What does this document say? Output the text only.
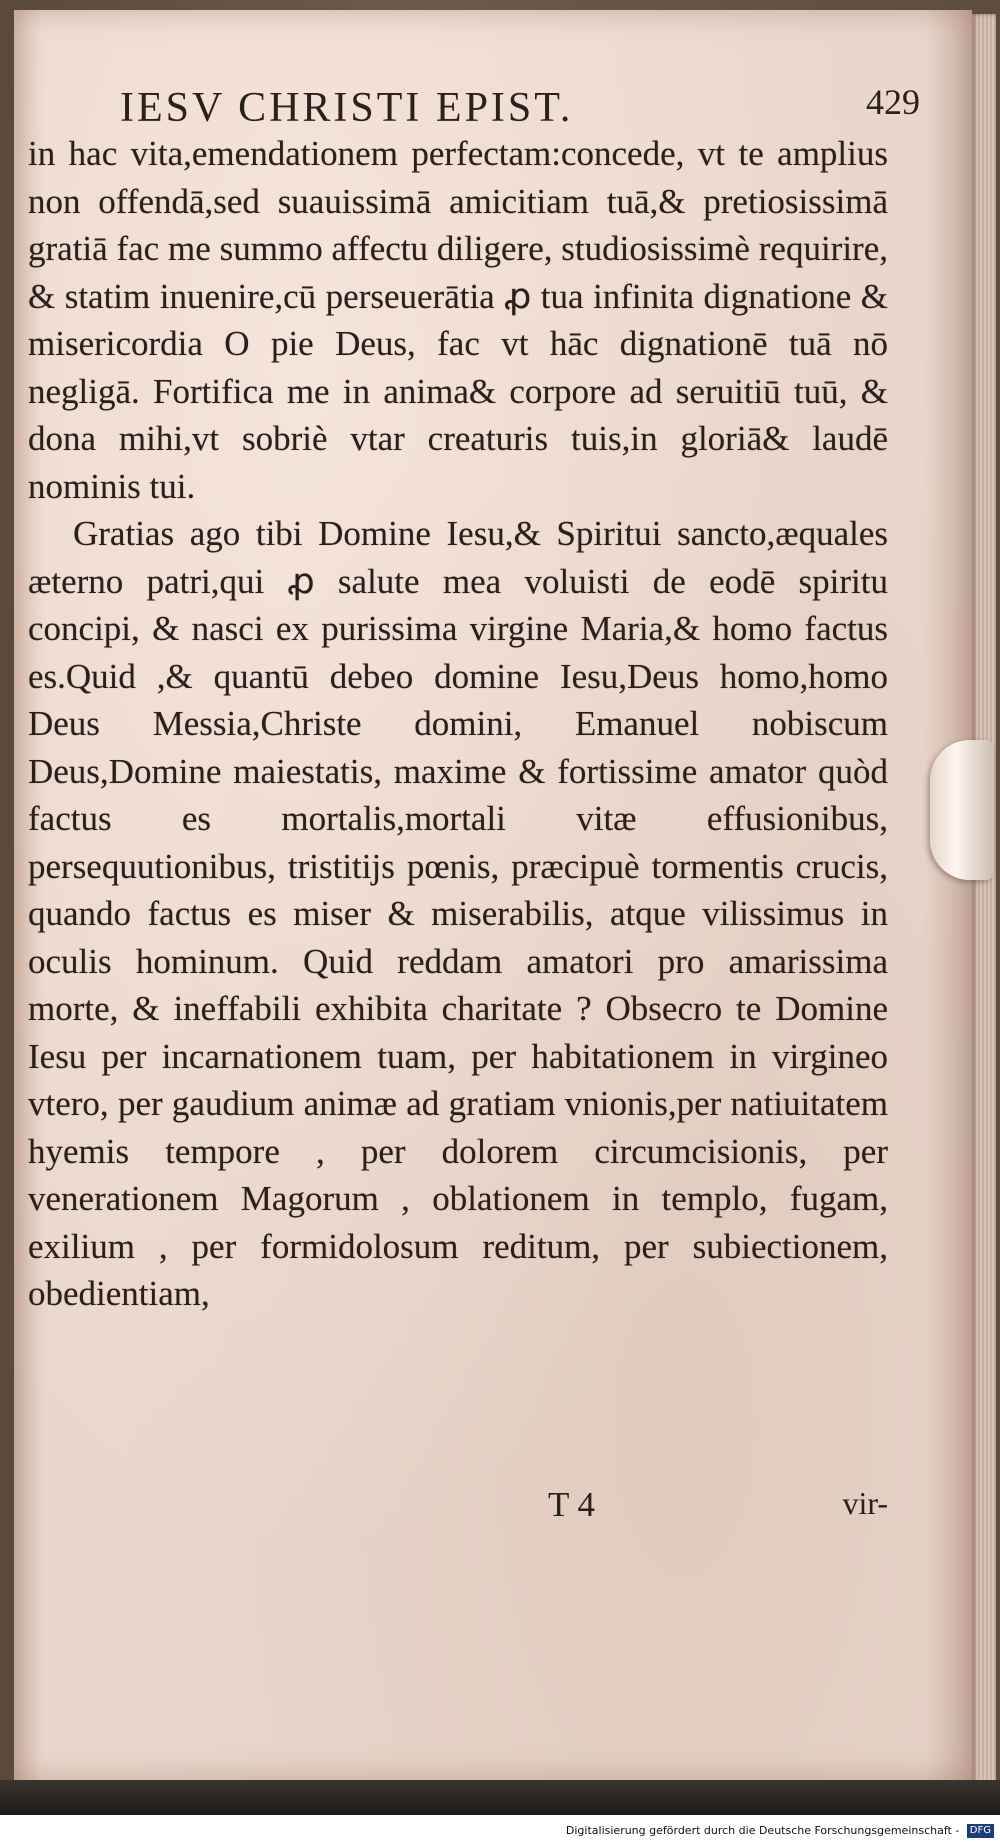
IESV CHRISTI EPIST.	429

in hac vita,emendationem perfectam:concede, vt te amplius non offendā,sed suauissimā amicitiam tuā,& pretiosissimā gratiā fac me summo affectu diligere, studiosissimè requirire, & statim inuenire,cū perseuerātia ꝓ tua infinita dignatione & misericordia O pie Deus, fac vt hāc dignationē tuā nō negligā. Fortifica me in anima& corpore ad seruitiū tuū, & dona mihi,vt sobriè vtar creaturis tuis,in gloriā& laudē nominis tui.

Gratias ago tibi Domine Iesu,& Spiritui sancto,æquales æterno patri,qui ꝓ salute mea voluisti de eodē spiritu concipi, & nasci ex purissima virgine Maria,& homo factus es.Quid ,& quantū debeo domine Iesu,Deus homo,homo Deus Messia,Christe domini, Emanuel nobiscum Deus,Domine maiestatis, maxime & fortissime amator quòd factus es mortalis,mortali vitæ effusionibus, persequutionibus, tristitijs pœnis, præcipuè tormentis crucis, quando factus es miser & miserabilis, atque vilissimus in oculis hominum. Quid reddam amatori pro amarissima morte, & ineffabili exhibita charitate ? Obsecro te Domine Iesu per incarnationem tuam, per habitationem in virgineo vtero, per gaudium animæ ad gratiam vnionis,per natiuitatem hyemis tempore , per dolorem circumcisionis, per venerationem Magorum , oblationem in templo, fugam, exilium , per formidolosum reditum, per subiectionem, obedientiam,

T 4	vir-
Digitalisierung gefördert durch die Deutsche Forschungsgemeinschaft - DFG
